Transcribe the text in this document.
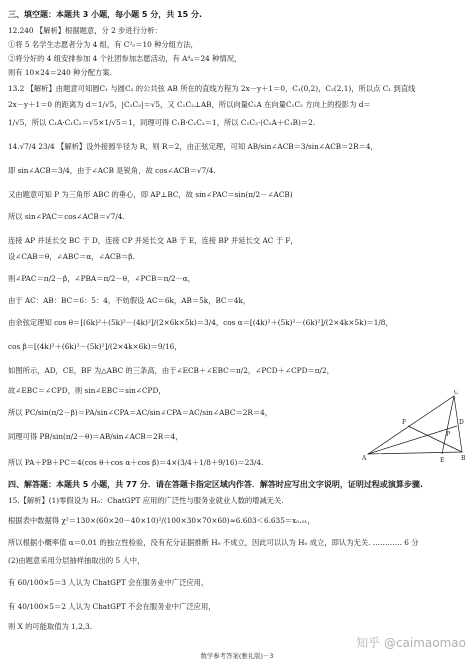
三、填空题：本题共 3 小题，每小题 5 分，共 15 分.
12.240 【解析】根据题意，分 2 步进行分析：
①将 5 名学生志愿者分为 4 组，有 C²₅＝10 种分组方法，
②将分好的 4 组安排参加 4 个社团参加志愿活动，有 A⁴₄＝24 种情况，
则有 10×24＝240 种分配方案.
13.2 【解析】由题意可知圆C₁ 与圆C₂ 的公共弦 AB 所在的直线方程为 2x－y＋1＝0，C₁(0,2)，C₂(2,1)，所以点 C₁ 到直线
2x－y＋1＝0 的距离为 d＝1/√5，|C₁C₂|＝√5，又 C₁C₂⊥AB，所以向量C₁A 在向量C₁C₂ 方向上的投影为 d＝
1/√5，所以 C₁A·C₁C₂＝√5×1/√5＝1，同理可得 C₁B·C₁C₂＝1，所以 C₁C₂·(C₁A＋C₁B)＝2.
14.√7/4 23/4 【解析】设外接圆半径为 R，则 R＝2，由正弦定理，可知 AB/sin∠ACB＝3/sin∠ACB＝2R＝4，
即 sin∠ACB＝3/4，由于∠ACB 是锐角，故 cos∠ACB＝√7/4.
又由题意可知 P 为三角形 ABC 的垂心，即 AP⊥BC，故 sin∠PAC＝sin(π/2－∠ACB)
所以 sin∠PAC＝cos∠ACB＝√7/4.
连接 AP 并延长交 BC 于 D，连接 CP 并延长交 AB 于 E，连接 BP 并延长交 AC 于 F，
设∠CAB＝θ，∠ABC＝α，∠ACB＝β.
则∠PAC＝π/2－β，∠PBA＝π/2－θ，∠PCB＝π/2－α，
由于 AC：AB：BC＝6：5：4，不妨假设 AC＝6k，AB＝5k，BC＝4k，
由余弦定理知 cos θ＝[(6k)²＋(5k)²－(4k)²]/(2×6k×5k)＝3/4，cos α＝[(4k)²＋(5k)²－(6k)²]/(2×4k×5k)＝1/8，
cos β＝[(4k)²＋(6k)²－(5k)²]/(2×4k×6k)＝9/16，
如图所示，AD，CE，BF 为△ABC 的三条高，由于∠ECB＋∠EBC＝π/2，∠PCD＋∠CPD＝π/2，
故∠EBC＝∠CPD，则 sin∠EBC＝sin∠CPD，
所以 PC/sin(π/2－β)＝PA/sin∠CPA＝AC/sin∠CPA＝AC/sin∠ABC＝2R＝4，
同理可得 PB/sin(π/2－θ)＝AB/sin∠ACB＝2R＝4，
所以 PA＋PB＋PC＝4(cos θ＋cos α＋cos β)＝4×(3/4＋1/8＋9/16)＝23/4.
C
F	D
P
A	E	B
四、解答题：本题共 5 小题，共 77 分．请在答题卡指定区域内作答．解答时应写出文字说明，证明过程或演算步骤.
15.【解析】(1)零假设为 H₀：ChatGPT 应用的广泛性与服务业就业人数的增减无关.
根据表中数据得 χ²＝130×(60×20－40×10)²/(100×30×70×60)≈6.603＜6.635＝x₀.₀₁，
所以根据小概率值 α＝0.01 的独立性检验，没有充分证据推断 H₀ 不成立，因此可以认为 H₀ 成立，即认为无关. ………… 6 分
(2)由题意采用分层抽样抽取出的 5 人中，
有 60/100×5＝3 人认为 ChatGPT 会在服务业中广泛应用，
有 40/100×5＝2 人认为 ChatGPT 不会在服务业中广泛应用，
则 X 的可能取值为 1,2,3.
知乎 @caimaomao
数学参考答案(雅礼版)－3
